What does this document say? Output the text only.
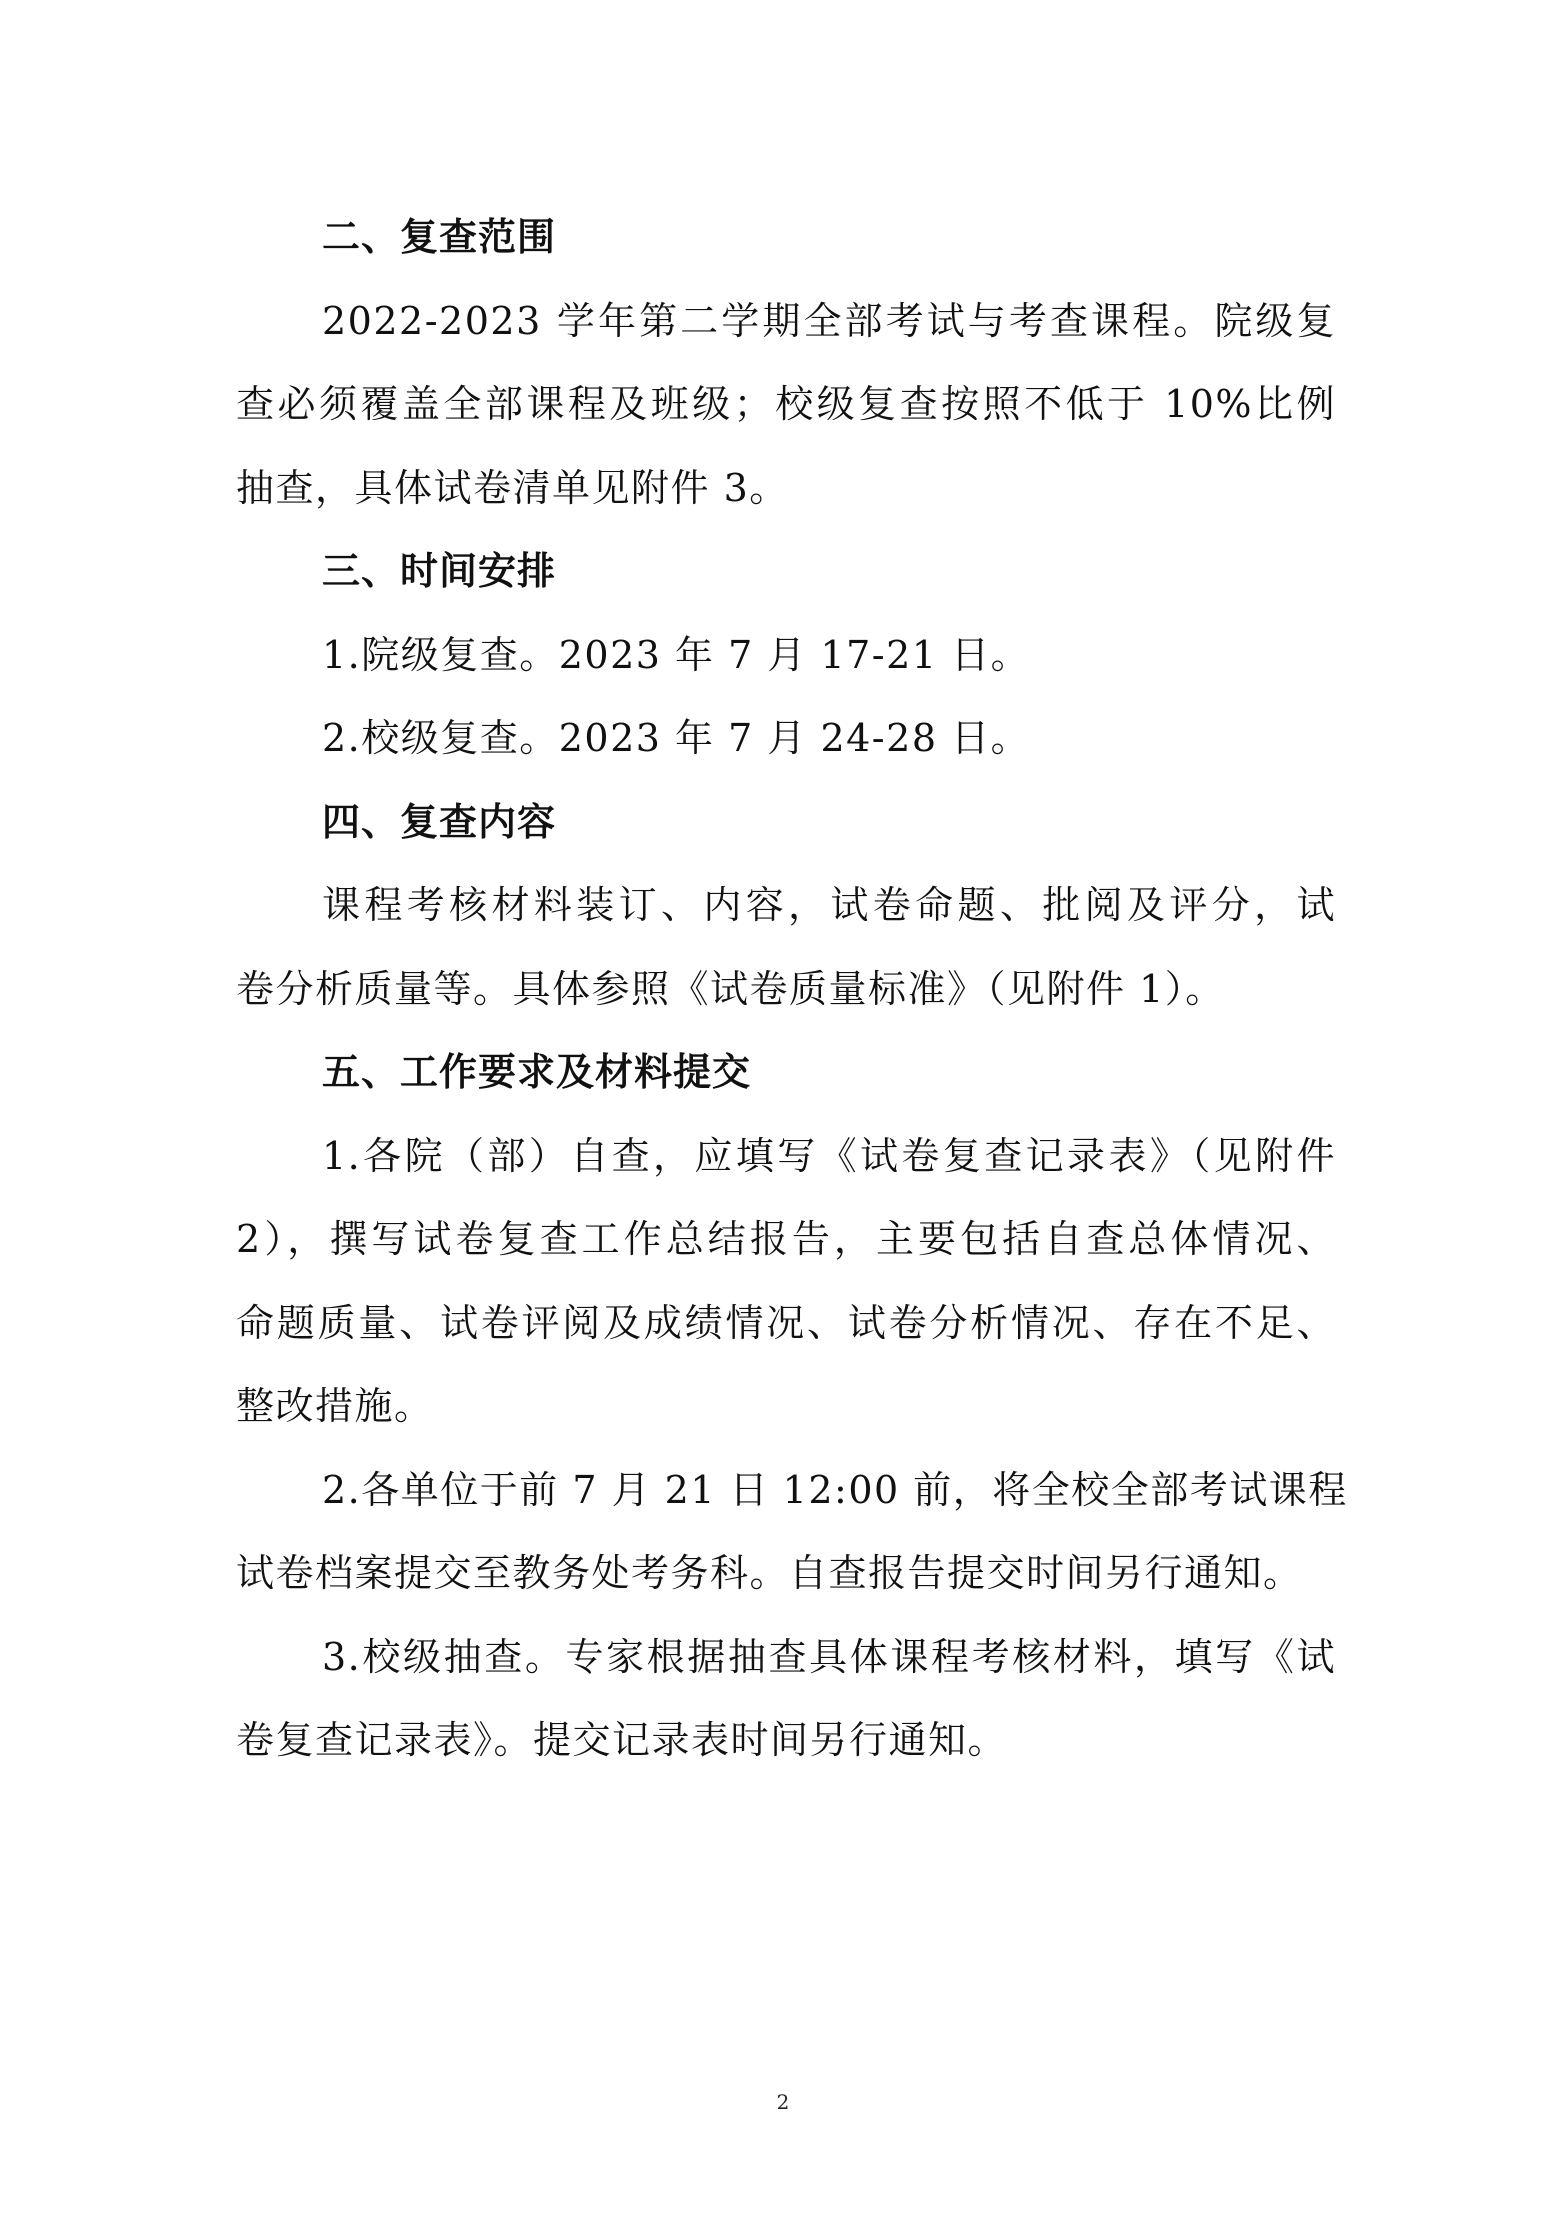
二、复查范围
2022-2023 学年第二学期全部考试与考查课程。院级复
查必须覆盖全部课程及班级；校级复查按照不低于 10%比例
抽查，具体试卷清单见附件 3。
三、时间安排
1.院级复查。2023 年 7 月 17-21 日。
2.校级复查。2023 年 7 月 24-28 日。
四、复查内容
课程考核材料装订、内容，试卷命题、批阅及评分，试
卷分析质量等。具体参照《试卷质量标准》（见附件 1）。
五、工作要求及材料提交
1.各院（部）自查，应填写《试卷复查记录表》（见附件
2），撰写试卷复查工作总结报告，主要包括自查总体情况、
命题质量、试卷评阅及成绩情况、试卷分析情况、存在不足、
整改措施。
2.各单位于前 7 月 21 日 12:00 前，将全校全部考试课程
试卷档案提交至教务处考务科。自查报告提交时间另行通知。
3.校级抽查。专家根据抽查具体课程考核材料，填写《试
卷复查记录表》。提交记录表时间另行通知。
2
